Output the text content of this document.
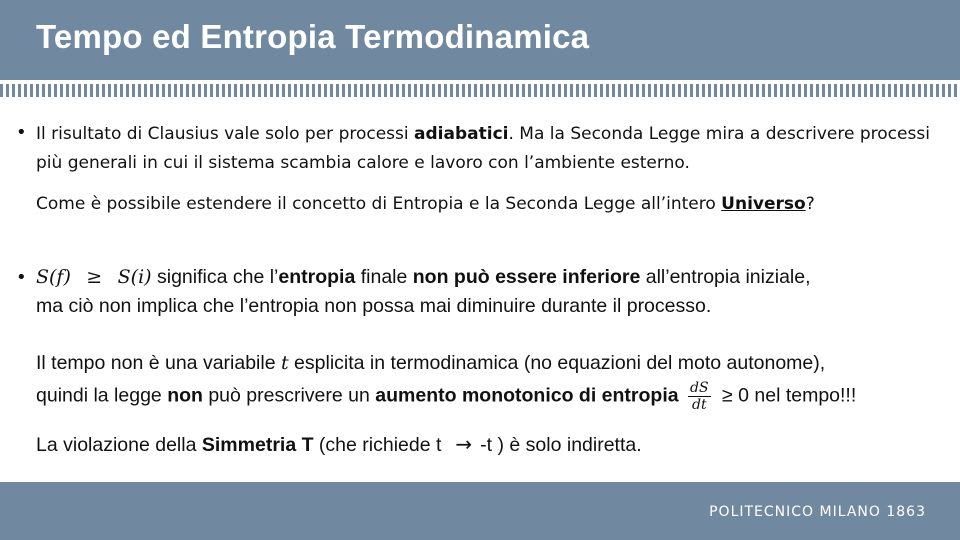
Tempo ed Entropia Termodinamica
• Il risultato di Clausius vale solo per processi adiabatici. Ma la Seconda Legge mira a descrivere processi più generali in cui il sistema scambia calore e lavoro con l’ambiente esterno.
Come è possibile estendere il concetto di Entropia e la Seconda Legge all’intero Universo?
• S(f) ≥ S(i) significa che l’entropia finale non può essere inferiore all’entropia iniziale,
ma ciò non implica che l’entropia non possa mai diminuire durante il processo.
Il tempo non è una variabile t esplicita in termodinamica (no equazioni del moto autonome),
quindi la legge non può prescrivere un aumento monotonico di entropia $\frac{dS}{dt} \ge 0$ nel tempo!!!
La violazione della Simmetria T (che richiede t → -t ) è solo indiretta.
POLITECNICO MILANO 1863
